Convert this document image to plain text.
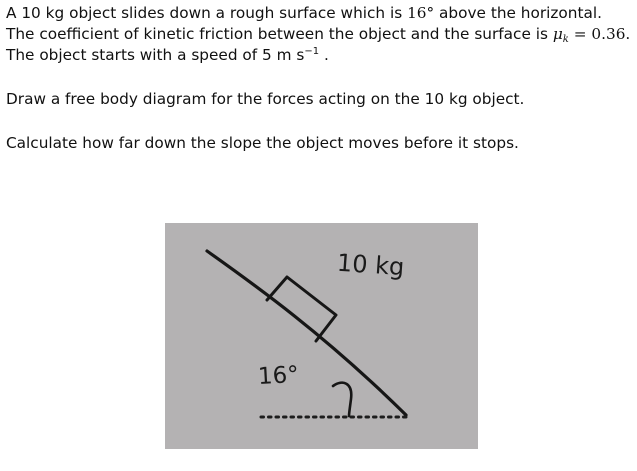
A 10 kg object slides down a rough surface which is 16° above the horizontal.
The coefficient of kinetic friction between the object and the surface is $\mu_k = 0.36$.
The object starts with a speed of 5 m $s^{-1}$ .
Draw a free body diagram for the forces acting on the 10 kg object.
Calculate how far down the slope the object moves before it stops.
10 kg
16°
